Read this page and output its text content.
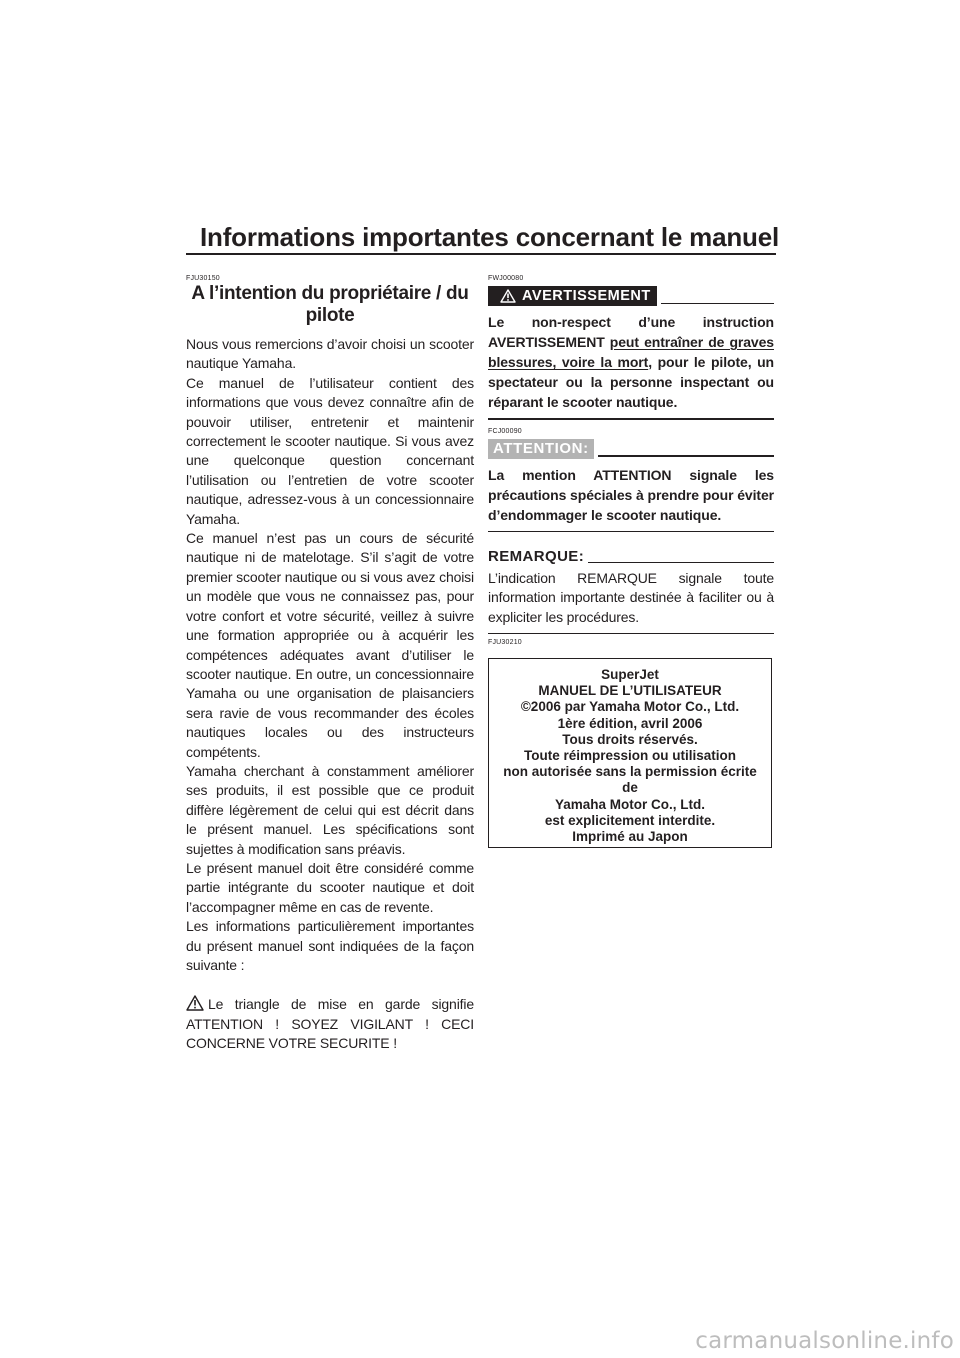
Informations importantes concernant le manuel
FJU30150
A l’intention du propriétaire / du
pilote

Nous vous remercions d’avoir choisi un scooter nautique Yamaha.

Ce manuel de l’utilisateur contient des informations que vous devez connaître afin de pouvoir utiliser, entretenir et maintenir correctement le scooter nautique. Si vous avez une quelconque question concernant l’utilisation ou l’entretien de votre scooter nautique, adressez-vous à un concessionnaire Yamaha.

Ce manuel n’est pas un cours de sécurité nautique ni de matelotage. S’il s’agit de votre premier scooter nautique ou si vous avez choisi un modèle que vous ne connaissez pas, pour votre confort et votre sécurité, veillez à suivre une formation appropriée ou à acquérir les compétences adéquates avant d’utiliser le scooter nautique. En outre, un concessionnaire Yamaha ou une organisation de plaisanciers sera ravie de vous recommander des écoles nautiques locales ou des instructeurs compétents.

Yamaha cherchant à constamment améliorer ses produits, il est possible que ce produit diffère légèrement de celui qui est décrit dans le présent manuel. Les spécifications sont sujettes à modification sans préavis.

Le présent manuel doit être considéré comme partie intégrante du scooter nautique et doit l’accompagner même en cas de revente.

Les informations particulièrement importantes du présent manuel sont indiquées de la façon suivante :

Le triangle de mise en garde signifie ATTENTION ! SOYEZ VIGILANT ! CECI CONCERNE VOTRE SECURITE !
FWJ00080
AVERTISSEMENT
Le non-respect d’une instruction AVERTISSEMENT peut entraîner de graves blessures, voire la mort, pour le pilote, un spectateur ou la personne inspectant ou réparant le scooter nautique.
FCJ00090
ATTENTION:
La mention ATTENTION signale les précautions spéciales à prendre pour éviter d’endommager le scooter nautique.
REMARQUE:

L’indication REMARQUE signale toute information importante destinée à faciliter ou à expliciter les procédures.

FJU30210
SuperJet
MANUEL DE L’UTILISATEUR
©2006 par Yamaha Motor Co., Ltd.
1ère édition, avril 2006
Tous droits réservés.
Toute réimpression ou utilisation
non autorisée sans la permission écrite
de
Yamaha Motor Co., Ltd.
est explicitement interdite.
Imprimé au Japon
carmanualsonline.info
